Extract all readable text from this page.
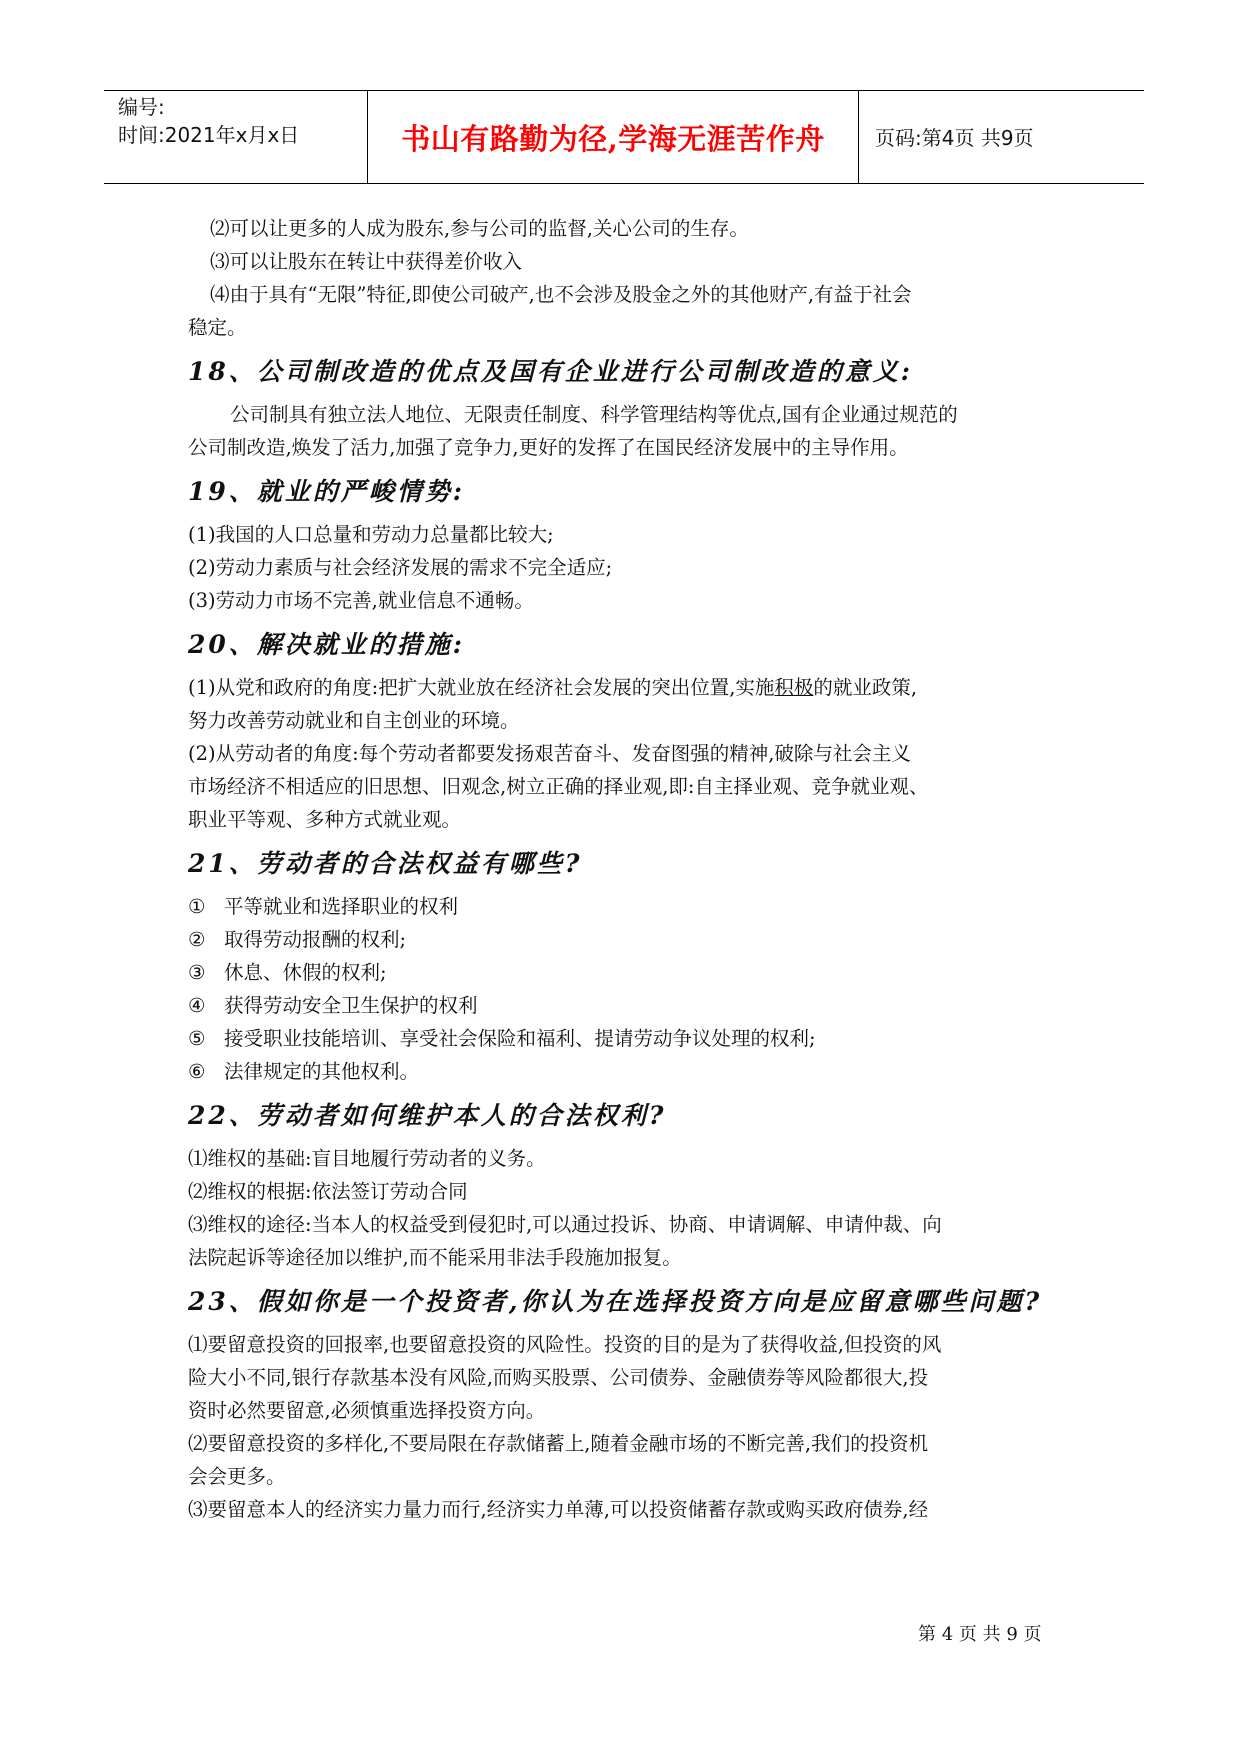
编号:
时间:2021年x月x日	书山有路勤为径,学海无涯苦作舟	页码:第4页 共9页

⑵可以让更多的人成为股东,参与公司的监督,关心公司的生存。

⑶可以让股东在转让中获得差价收入

⑷由于具有“无限”特征,即使公司破产,也不会涉及股金之外的其他财产,有益于社会

稳定。

18、公司制改造的优点及国有企业进行公司制改造的意义:

公司制具有独立法人地位、无限责任制度、科学管理结构等优点,国有企业通过规范的

公司制改造,焕发了活力,加强了竞争力,更好的发挥了在国民经济发展中的主导作用。

19、就业的严峻情势:

(1)我国的人口总量和劳动力总量都比较大;

(2)劳动力素质与社会经济发展的需求不完全适应;

(3)劳动力市场不完善,就业信息不通畅。

20、解决就业的措施:

(1)从党和政府的角度:把扩大就业放在经济社会发展的突出位置,实施积极的就业政策,

努力改善劳动就业和自主创业的环境。

(2)从劳动者的角度:每个劳动者都要发扬艰苦奋斗、发奋图强的精神,破除与社会主义

市场经济不相适应的旧思想、旧观念,树立正确的择业观,即:自主择业观、竞争就业观、

职业平等观、多种方式就业观。

21、劳动者的合法权益有哪些?
① 平等就业和选择职业的权利
② 取得劳动报酬的权利;
③ 休息、休假的权利;
④ 获得劳动安全卫生保护的权利
⑤ 接受职业技能培训、享受社会保险和福利、提请劳动争议处理的权利;
⑥ 法律规定的其他权利。
22、劳动者如何维护本人的合法权利?

⑴维权的基础:盲目地履行劳动者的义务。

⑵维权的根据:依法签订劳动合同

⑶维权的途径:当本人的权益受到侵犯时,可以通过投诉、协商、申请调解、申请仲裁、向

法院起诉等途径加以维护,而不能采用非法手段施加报复。

23、假如你是一个投资者,你认为在选择投资方向是应留意哪些问题?

⑴要留意投资的回报率,也要留意投资的风险性。投资的目的是为了获得收益,但投资的风

险大小不同,银行存款基本没有风险,而购买股票、公司债券、金融债券等风险都很大,投

资时必然要留意,必须慎重选择投资方向。

⑵要留意投资的多样化,不要局限在存款储蓄上,随着金融市场的不断完善,我们的投资机

会会更多。

⑶要留意本人的经济实力量力而行,经济实力单薄,可以投资储蓄存款或购买政府债券,经

第 4 页 共 9 页
